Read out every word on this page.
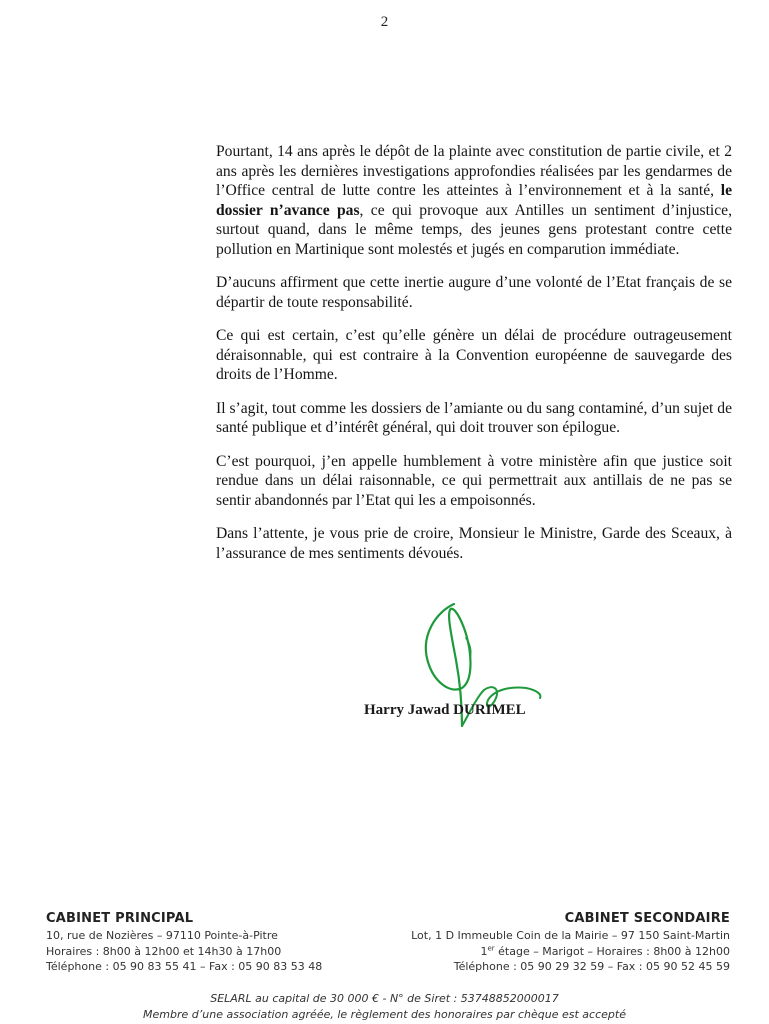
2

Pourtant, 14 ans après le dépôt de la plainte avec constitution de partie civile, et 2 ans après les dernières investigations approfondies réalisées par les gendarmes de l’Office central de lutte contre les atteintes à l’environnement et à la santé, le dossier n’avance pas, ce qui provoque aux Antilles un sentiment d’injustice, surtout quand, dans le même temps, des jeunes gens protestant contre cette pollution en Martinique sont molestés et jugés en comparution immédiate.

D’aucuns affirment que cette inertie augure d’une volonté de l’Etat français de se départir de toute responsabilité.

Ce qui est certain, c’est qu’elle génère un délai de procédure outrageusement déraisonnable, qui est contraire à la Convention européenne de sauvegarde des droits de l’Homme.

Il s’agit, tout comme les dossiers de l’amiante ou du sang contaminé, d’un sujet de santé publique et d’intérêt général, qui doit trouver son épilogue.

C’est pourquoi, j’en appelle humblement à votre ministère afin que justice soit rendue dans un délai raisonnable, ce qui permettrait aux antillais de ne pas se sentir abandonnés par l’Etat qui les a empoisonnés.

Dans l’attente, je vous prie de croire, Monsieur le Ministre, Garde des Sceaux, à l’assurance de mes sentiments dévoués.

Harry Jawad DURIMEL
CABINET PRINCIPAL
10, rue de Nozières – 97110 Pointe-à-Pitre
Horaires : 8h00 à 12h00 et 14h30 à 17h00
Téléphone : 05 90 83 55 41 – Fax : 05 90 83 53 48
CABINET SECONDAIRE
Lot, 1 D Immeuble Coin de la Mairie – 97 150 Saint-Martin
1er étage – Marigot – Horaires : 8h00 à 12h00
Téléphone : 05 90 29 32 59 – Fax : 05 90 52 45 59
SELARL au capital de 30 000 € - N° de Siret : 53748852000017
Membre d’une association agréée, le règlement des honoraires par chèque est accepté
